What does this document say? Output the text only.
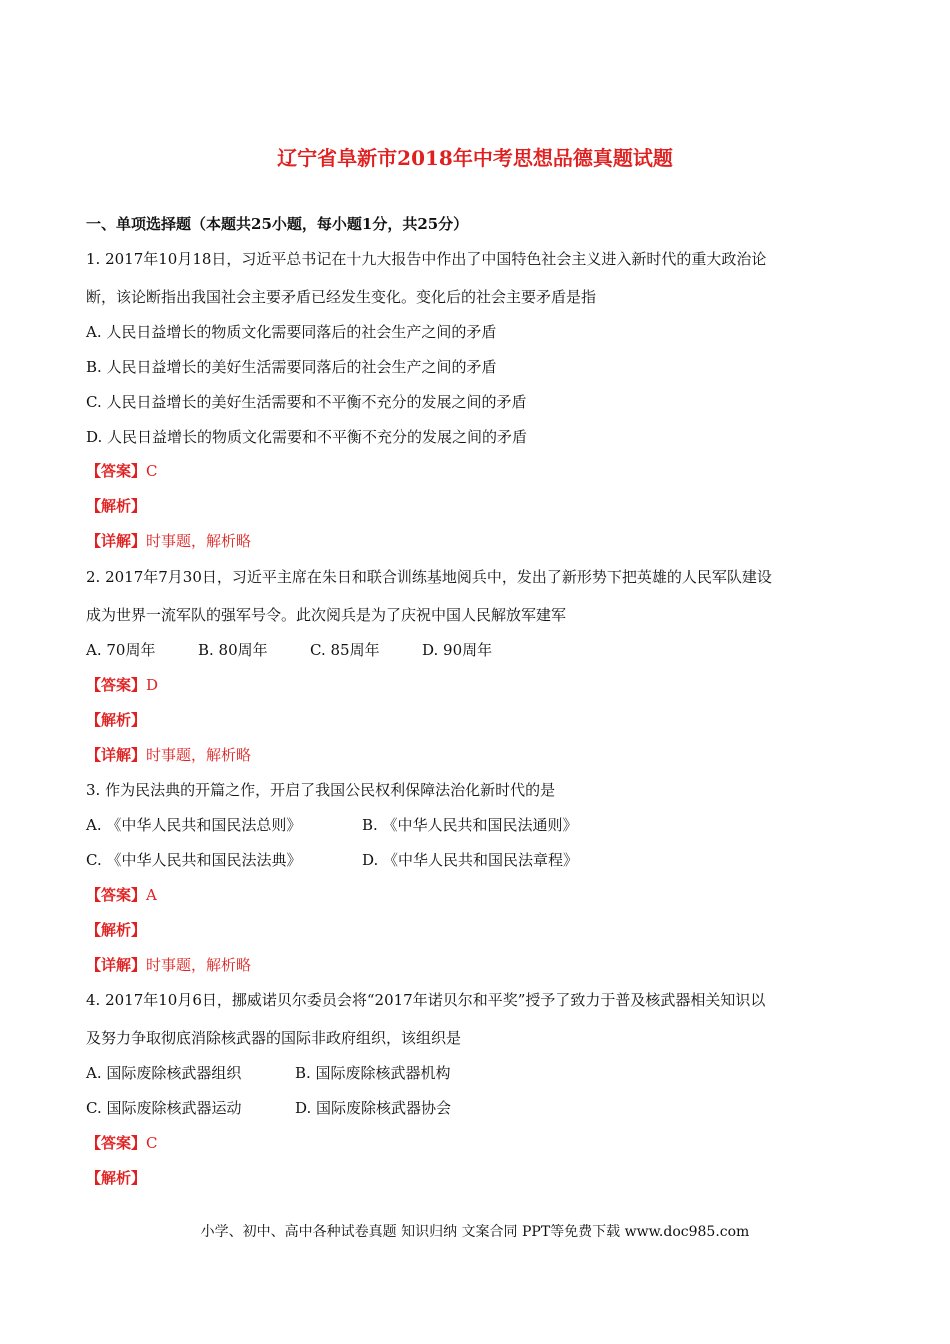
辽宁省阜新市2018年中考思想品德真题试题
一、单项选择题（本题共25小题，每小题1分，共25分）
1. 2017年10月18日，习近平总书记在十九大报告中作出了中国特色社会主义进入新时代的重大政治论
断，该论断指出我国社会主要矛盾已经发生变化。变化后的社会主要矛盾是指
A. 人民日益增长的物质文化需要同落后的社会生产之间的矛盾
B. 人民日益增长的美好生活需要同落后的社会生产之间的矛盾
C. 人民日益增长的美好生活需要和不平衡不充分的发展之间的矛盾
D. 人民日益增长的物质文化需要和不平衡不充分的发展之间的矛盾
【答案】C
【解析】
【详解】时事题，解析略
2. 2017年7月30日，习近平主席在朱日和联合训练基地阅兵中，发出了新形势下把英雄的人民军队建设
成为世界一流军队的强军号令。此次阅兵是为了庆祝中国人民解放军建军
A. 70周年	B. 80周年	C. 85周年	D. 90周年
【答案】D
【解析】
【详解】时事题，解析略
3. 作为民法典的开篇之作，开启了我国公民权利保障法治化新时代的是
A. 《中华人民共和国民法总则》	B. 《中华人民共和国民法通则》
C. 《中华人民共和国民法法典》	D. 《中华人民共和国民法章程》
【答案】A
【解析】
【详解】时事题，解析略
4. 2017年10月6日，挪威诺贝尔委员会将“2017年诺贝尔和平奖”授予了致力于普及核武器相关知识以
及努力争取彻底消除核武器的国际非政府组织，该组织是
A. 国际废除核武器组织	B. 国际废除核武器机构
C. 国际废除核武器运动	D. 国际废除核武器协会
【答案】C
【解析】
小学、初中、高中各种试卷真题 知识归纳 文案合同 PPT等免费下载 www.doc985.com
